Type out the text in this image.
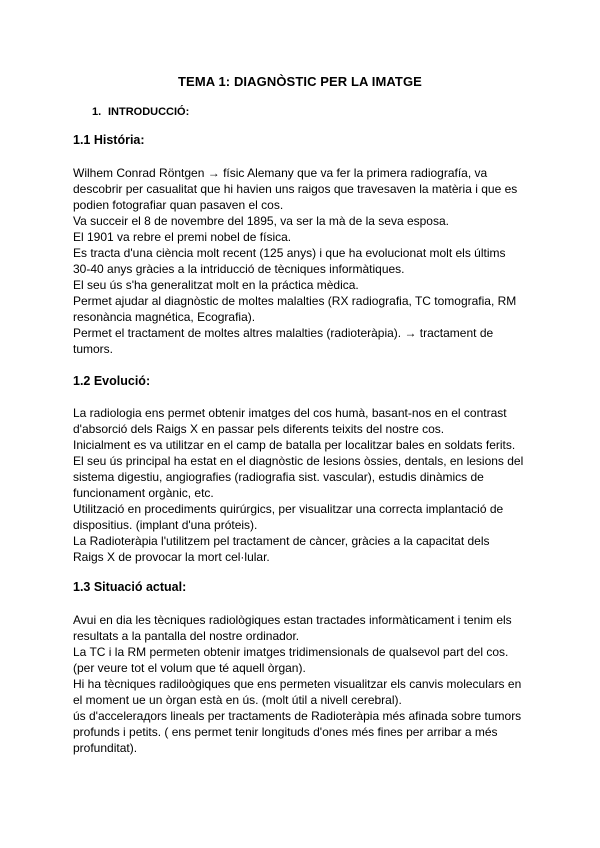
TEMA 1: DIAGNÒSTIC PER LA IMATGE
1. INTRODUCCIÓ:
1.1 História:

Wilhem Conrad Röntgen → físic Alemany que va fer la primera radiografía, va

descobrir per casualitat que hi havien uns raigos que travesaven la matèria i que es

podien fotografiar quan pasaven el cos.

Va succeir el 8 de novembre del 1895, va ser la mà de la seva esposa.

El 1901 va rebre el premi nobel de física.

Es tracta d'una ciència molt recent (125 anys) i que ha evolucionat molt els últims

30-40 anys gràcies a la intriducció de tècniques informàtiques.

El seu ús s'ha generalitzat molt en la práctica mèdica.

Permet ajudar al diagnòstic de moltes malalties (RX radiografia, TC tomografia, RM

resonància magnética, Ecografia).

Permet el tractament de moltes altres malalties (radioteràpia). → tractament de

tumors.

1.2 Evolució:

La radiologia ens permet obtenir imatges del cos humà, basant-nos en el contrast

d'absorció dels Raigs X en passar pels diferents teixits del nostre cos.

Inicialment es va utilitzar en el camp de batalla per localitzar bales en soldats ferits.

El seu ús principal ha estat en el diagnòstic de lesions òssies, dentals, en lesions del

sistema digestiu, angiografies (radiografia sist. vascular), estudis dinàmics de

funcionament orgànic, etc.

Utilització en procediments quirúrgics, per visualitzar una correcta implantació de

dispositius. (implant d'una próteis).

La Radioteràpia l'utilitzem pel tractament de càncer, gràcies a la capacitat dels

Raigs X de provocar la mort cel·lular.

1.3 Situació actual:

Avui en dia les tècniques radiològiques estan tractades informàticament i tenim els

resultats a la pantalla del nostre ordinador.

La TC i la RM permeten obtenir imatges tridimensionals de qualsevol part del cos.

(per veure tot el volum que té aquell òrgan).

Hi ha tècniques radiloògiques que ens permeten visualitzar els canvis moleculars en

el moment ue un òrgan està en ús. (molt útil a nivell cerebral).

ús d'accelerадors lineals per tractaments de Radioteràpia més afinada sobre tumors

profunds i petits. ( ens permet tenir longituds d'ones més fines per arribar a més

profunditat).
